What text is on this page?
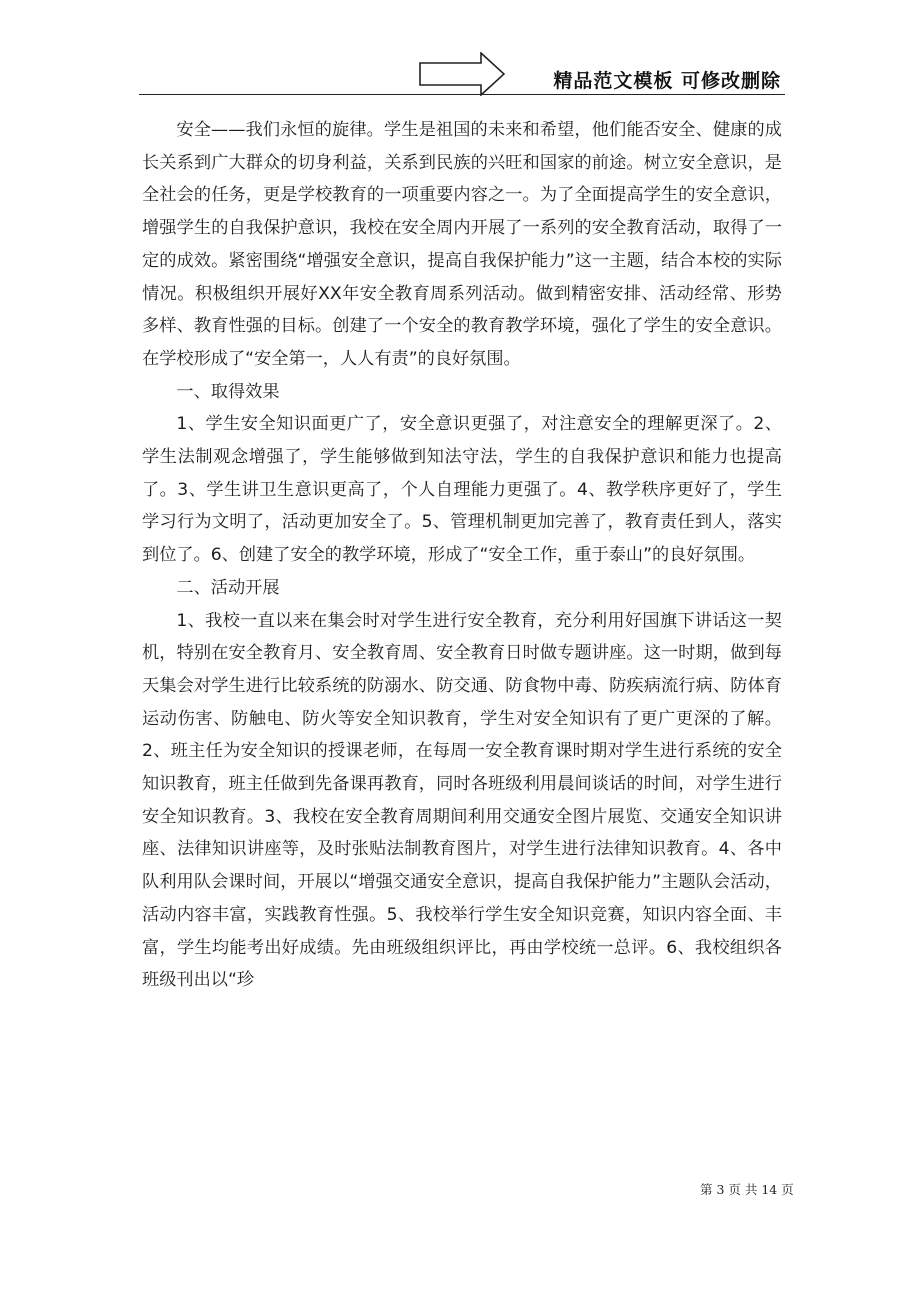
精品范文模板 可修改删除

安全——我们永恒的旋律。学生是祖国的未来和希望，他们能否安全、健康的成长关系到广大群众的切身利益，关系到民族的兴旺和国家的前途。树立安全意识，是全社会的任务，更是学校教育的一项重要内容之一。为了全面提高学生的安全意识，增强学生的自我保护意识，我校在安全周内开展了一系列的安全教育活动，取得了一定的成效。紧密围绕“增强安全意识，提高自我保护能力”这一主题，结合本校的实际情况。积极组织开展好XX年安全教育周系列活动。做到精密安排、活动经常、形势多样、教育性强的目标。创建了一个安全的教育教学环境，强化了学生的安全意识。在学校形成了“安全第一，人人有责”的良好氛围。

一、取得效果

1、学生安全知识面更广了，安全意识更强了，对注意安全的理解更深了。2、学生法制观念增强了，学生能够做到知法守法，学生的自我保护意识和能力也提高了。3、学生讲卫生意识更高了，个人自理能力更强了。4、教学秩序更好了，学生学习行为文明了，活动更加安全了。5、管理机制更加完善了，教育责任到人，落实到位了。6、创建了安全的教学环境，形成了“安全工作，重于泰山”的良好氛围。

二、活动开展

1、我校一直以来在集会时对学生进行安全教育，充分利用好国旗下讲话这一契机，特别在安全教育月、安全教育周、安全教育日时做专题讲座。这一时期，做到每天集会对学生进行比较系统的防溺水、防交通、防食物中毒、防疾病流行病、防体育运动伤害、防触电、防火等安全知识教育，学生对安全知识有了更广更深的了解。2、班主任为安全知识的授课老师，在每周一安全教育课时期对学生进行系统的安全知识教育，班主任做到先备课再教育，同时各班级利用晨间谈话的时间，对学生进行安全知识教育。3、我校在安全教育周期间利用交通安全图片展览、交通安全知识讲座、法律知识讲座等，及时张贴法制教育图片，对学生进行法律知识教育。4、各中队利用队会课时间，开展以“增强交通安全意识，提高自我保护能力”主题队会活动，活动内容丰富，实践教育性强。5、我校举行学生安全知识竞赛，知识内容全面、丰富，学生均能考出好成绩。先由班级组织评比，再由学校统一总评。6、我校组织各班级刊出以“珍

第 3 页 共 14 页
